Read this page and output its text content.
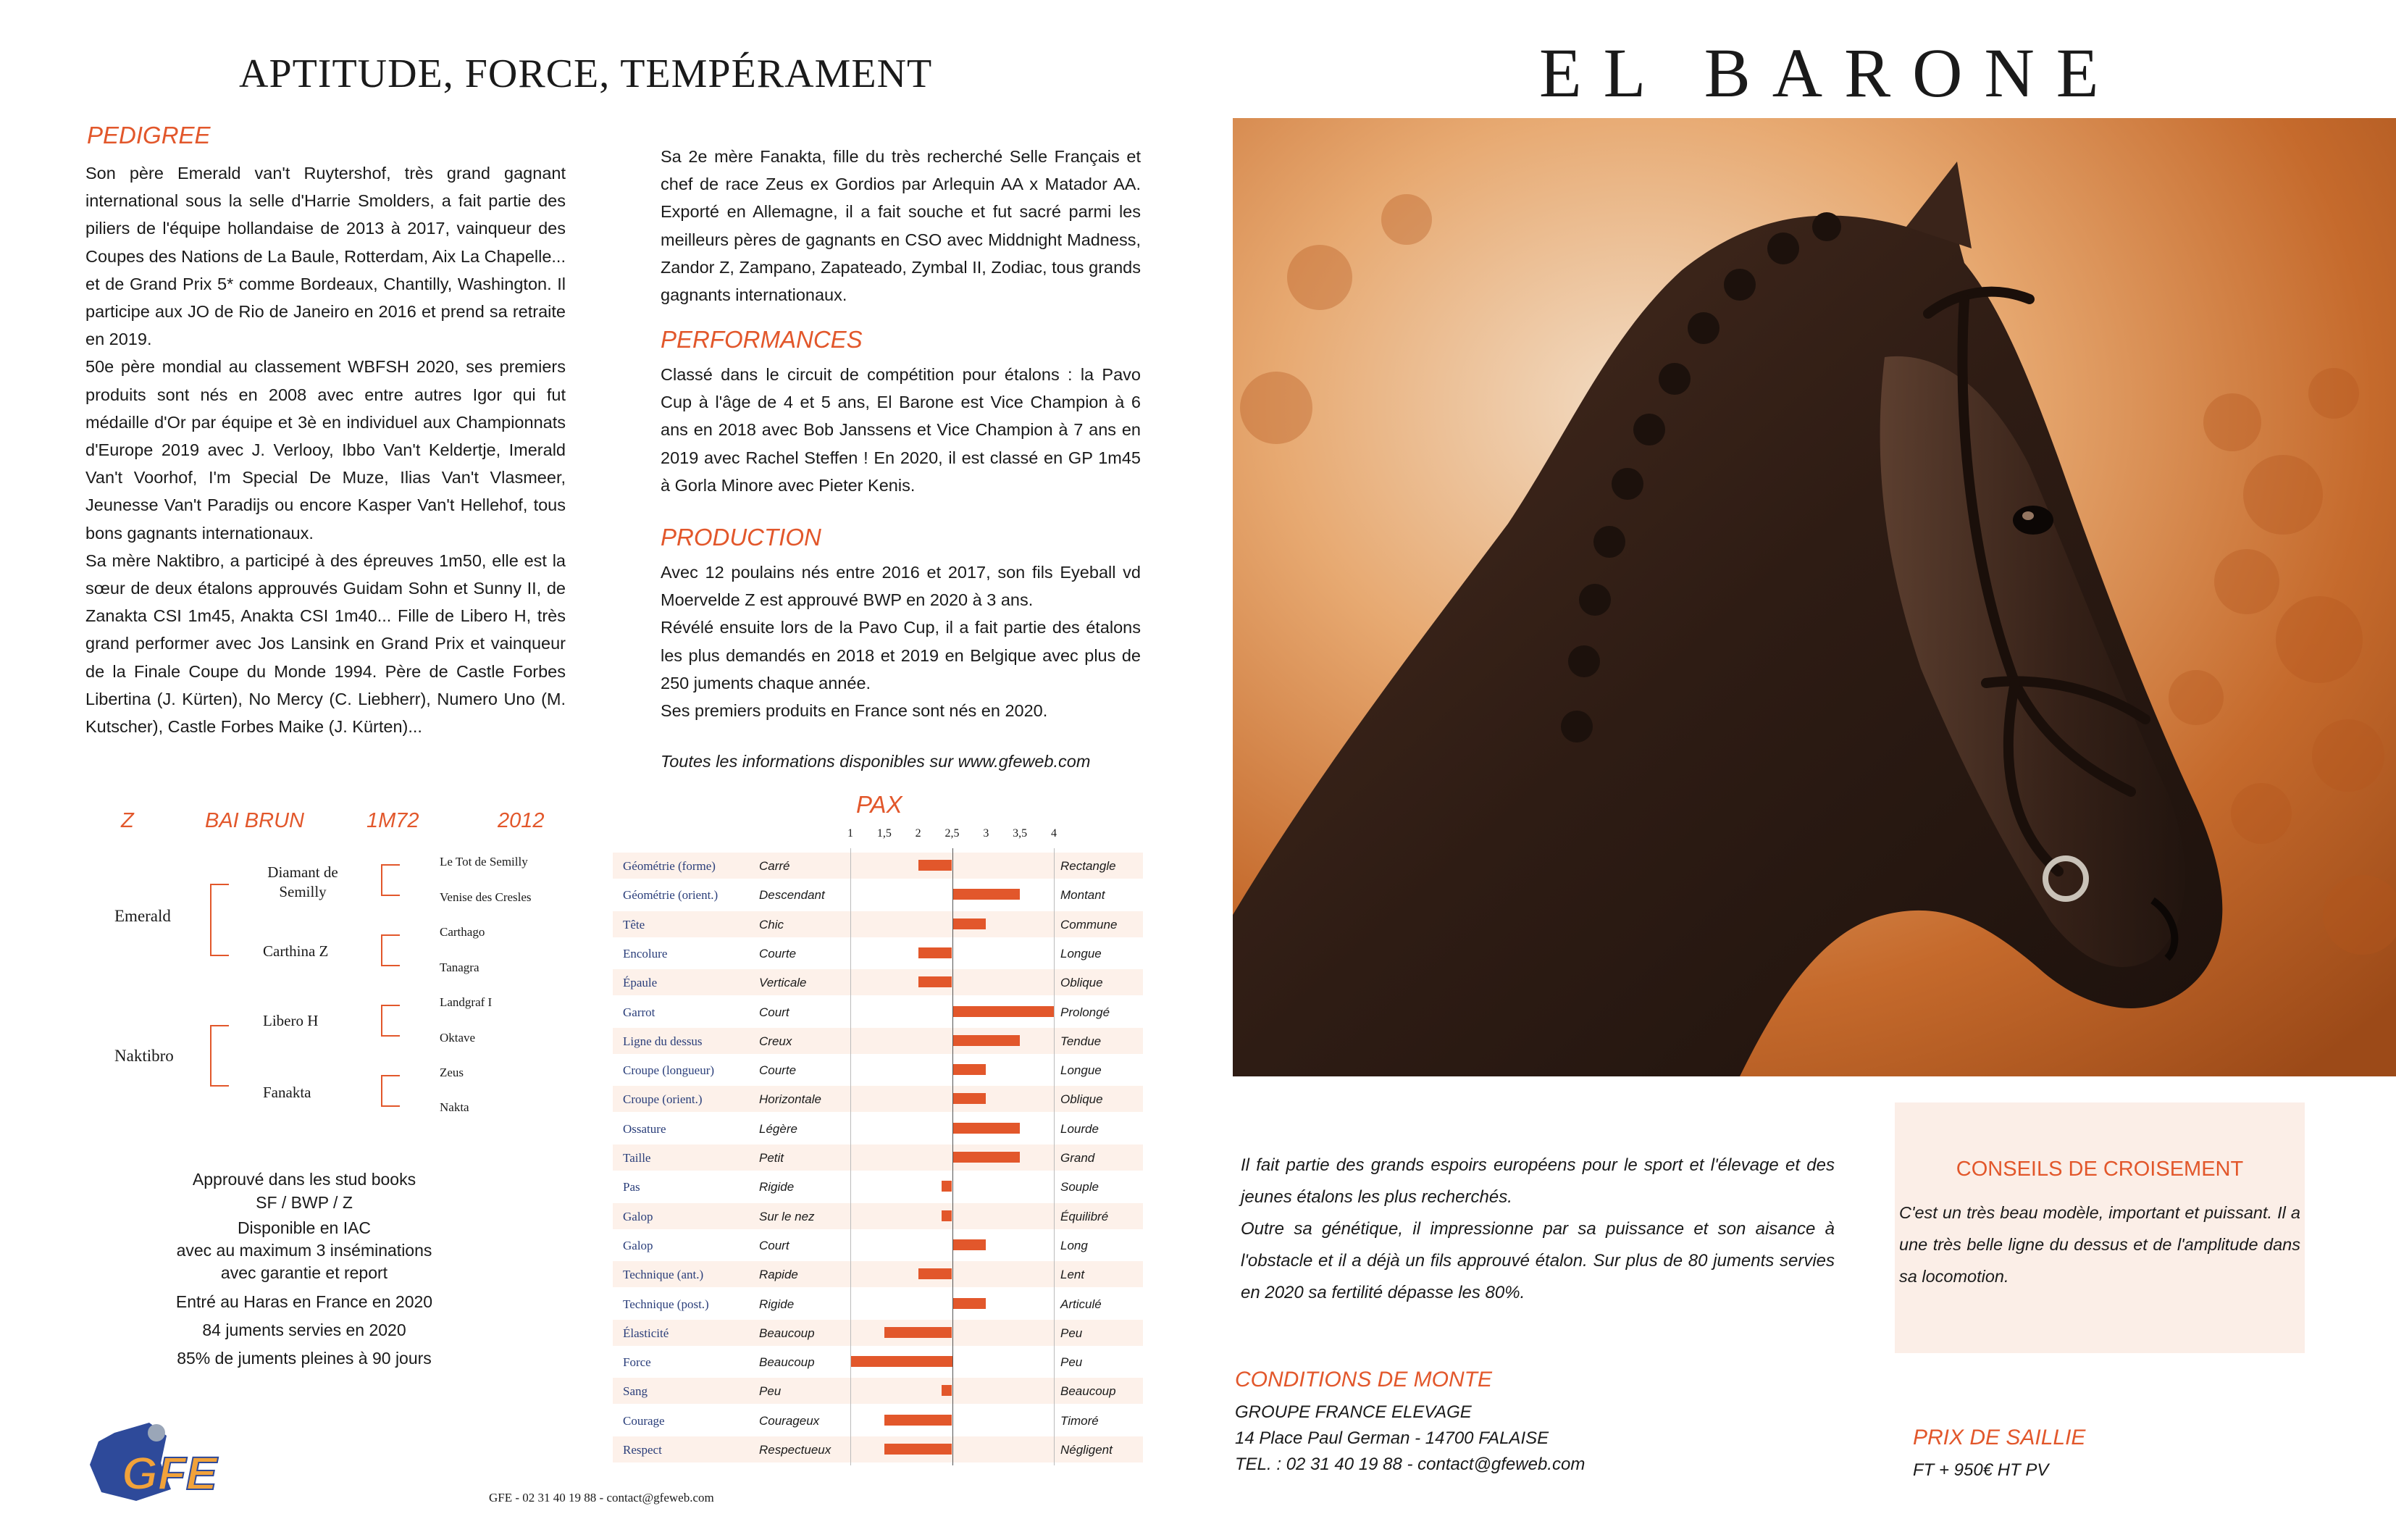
APTITUDE, FORCE, TEMPÉRAMENT	EL BARONE
PEDIGREE

Son père Emerald van't Ruytershof, très grand gagnant international sous la selle d'Harrie Smolders, a fait partie des piliers de l'équipe hollandaise de 2013 à 2017, vainqueur des Coupes des Nations de La Baule, Rotterdam, Aix La Chapelle... et de Grand Prix 5* comme Bordeaux, Chantilly, Washington. Il participe aux JO de Rio de Janeiro en 2016 et prend sa retraite en 2019.

50e père mondial au classement WBFSH 2020, ses premiers produits sont nés en 2008 avec entre autres Igor qui fut médaille d'Or par équipe et 3è en individuel aux Championnats d'Europe 2019 avec J. Verlooy, Ibbo Van't Keldertje, Imerald Van't Voorhof, I'm Special De Muze, Ilias Van't Vlasmeer, Jeunesse Van't Paradijs ou encore Kasper Van't Hellehof, tous bons gagnants internationaux.

Sa mère Naktibro, a participé à des épreuves 1m50, elle est la sœur de deux étalons approuvés Guidam Sohn et Sunny II, de Zanakta CSI 1m45, Anakta CSI 1m40... Fille de Libero H, très grand performer avec Jos Lansink en Grand Prix et vainqueur de la Finale Coupe du Monde 1994. Père de Castle Forbes Libertina (J. Kürten), No Mercy (C. Liebherr), Numero Uno (M. Kutscher), Castle Forbes Maike (J. Kürten)...

Sa 2e mère Fanakta, fille du très recherché Selle Français et chef de race Zeus ex Gordios par Arlequin AA x Matador AA. Exporté en Allemagne, il a fait souche et fut sacré parmi les meilleurs pères de gagnants en CSO avec Middnight Madness, Zandor Z, Zampano, Zapateado, Zymbal II, Zodiac, tous grands gagnants internationaux.

PERFORMANCES

Classé dans le circuit de compétition pour étalons : la Pavo Cup à l'âge de 4 et 5 ans, El Barone est Vice Champion à 6 ans en 2018 avec Bob Janssens et Vice Champion à 7 ans en 2019 avec Rachel Steffen ! En 2020, il est classé en GP 1m45 à Gorla Minore avec Pieter Kenis.

PRODUCTION

Avec 12 poulains nés entre 2016 et 2017, son fils Eyeball vd Moervelde Z est approuvé BWP en 2020 à 3 ans.

Révélé ensuite lors de la Pavo Cup, il a fait partie des étalons les plus demandés en 2018 et 2019 en Belgique avec plus de 250 juments chaque année.

Ses premiers produits en France sont nés en 2020.

Toutes les informations disponibles sur www.gfeweb.com
Z	BAI BRUN	1M72	2012
Emerald
Naktibro
Diamant de Semilly
Carthina Z
Libero H
Fanakta
Le Tot de Semilly
Venise des Cresles
Carthago
Tanagra
Landgraf I
Oktave
Zeus
Nakta
Approuvé dans les stud books
SF / BWP / Z
Disponible en IAC
avec au maximum 3 inséminations
avec garantie et report
Entré au Haras en France en 2020
84 juments servies en 2020
85% de juments pleines à 90 jours
PAX
1 1,5 2 2,5 3 3,5 4
Géométrie (forme)	Carré	Rectangle
Géométrie (orient.)	Descendant	Montant
Tête	Chic	Commune
Encolure	Courte	Longue
Épaule	Verticale	Oblique
Garrot	Court	Prolongé
Ligne du dessus	Creux	Tendue
Croupe (longueur)	Courte	Longue
Croupe (orient.)	Horizontale	Oblique
Ossature	Légère	Lourde
Taille	Petit	Grand
Pas	Rigide	Souple
Galop	Sur le nez	Équilibré
Galop	Court	Long
Technique (ant.)	Rapide	Lent
Technique (post.)	Rigide	Articulé
Élasticité	Beaucoup	Peu
Force	Beaucoup	Peu
Sang	Peu	Beaucoup
Courage	Courageux	Timoré
Respect	Respectueux	Négligent
Il fait partie des grands espoirs européens pour le sport et l'élevage et des jeunes étalons les plus recherchés.
Outre sa génétique, il impressionne par sa puissance et son aisance à l'obstacle et il a déjà un fils approuvé étalon. Sur plus de 80 juments servies en 2020 sa fertilité dépasse les 80%.
CONSEILS DE CROISEMENT
C'est un très beau modèle, important et puissant. Il a une très belle ligne du dessus et de l'amplitude dans sa locomotion.
CONDITIONS DE MONTE
GROUPE FRANCE ELEVAGE
14 Place Paul German - 14700 FALAISE
TEL. : 02 31 40 19 88 - contact@gfeweb.com
PRIX DE SAILLIE
FT + 950€ HT PV
GFE	GFE - 02 31 40 19 88 - contact@gfeweb.com
